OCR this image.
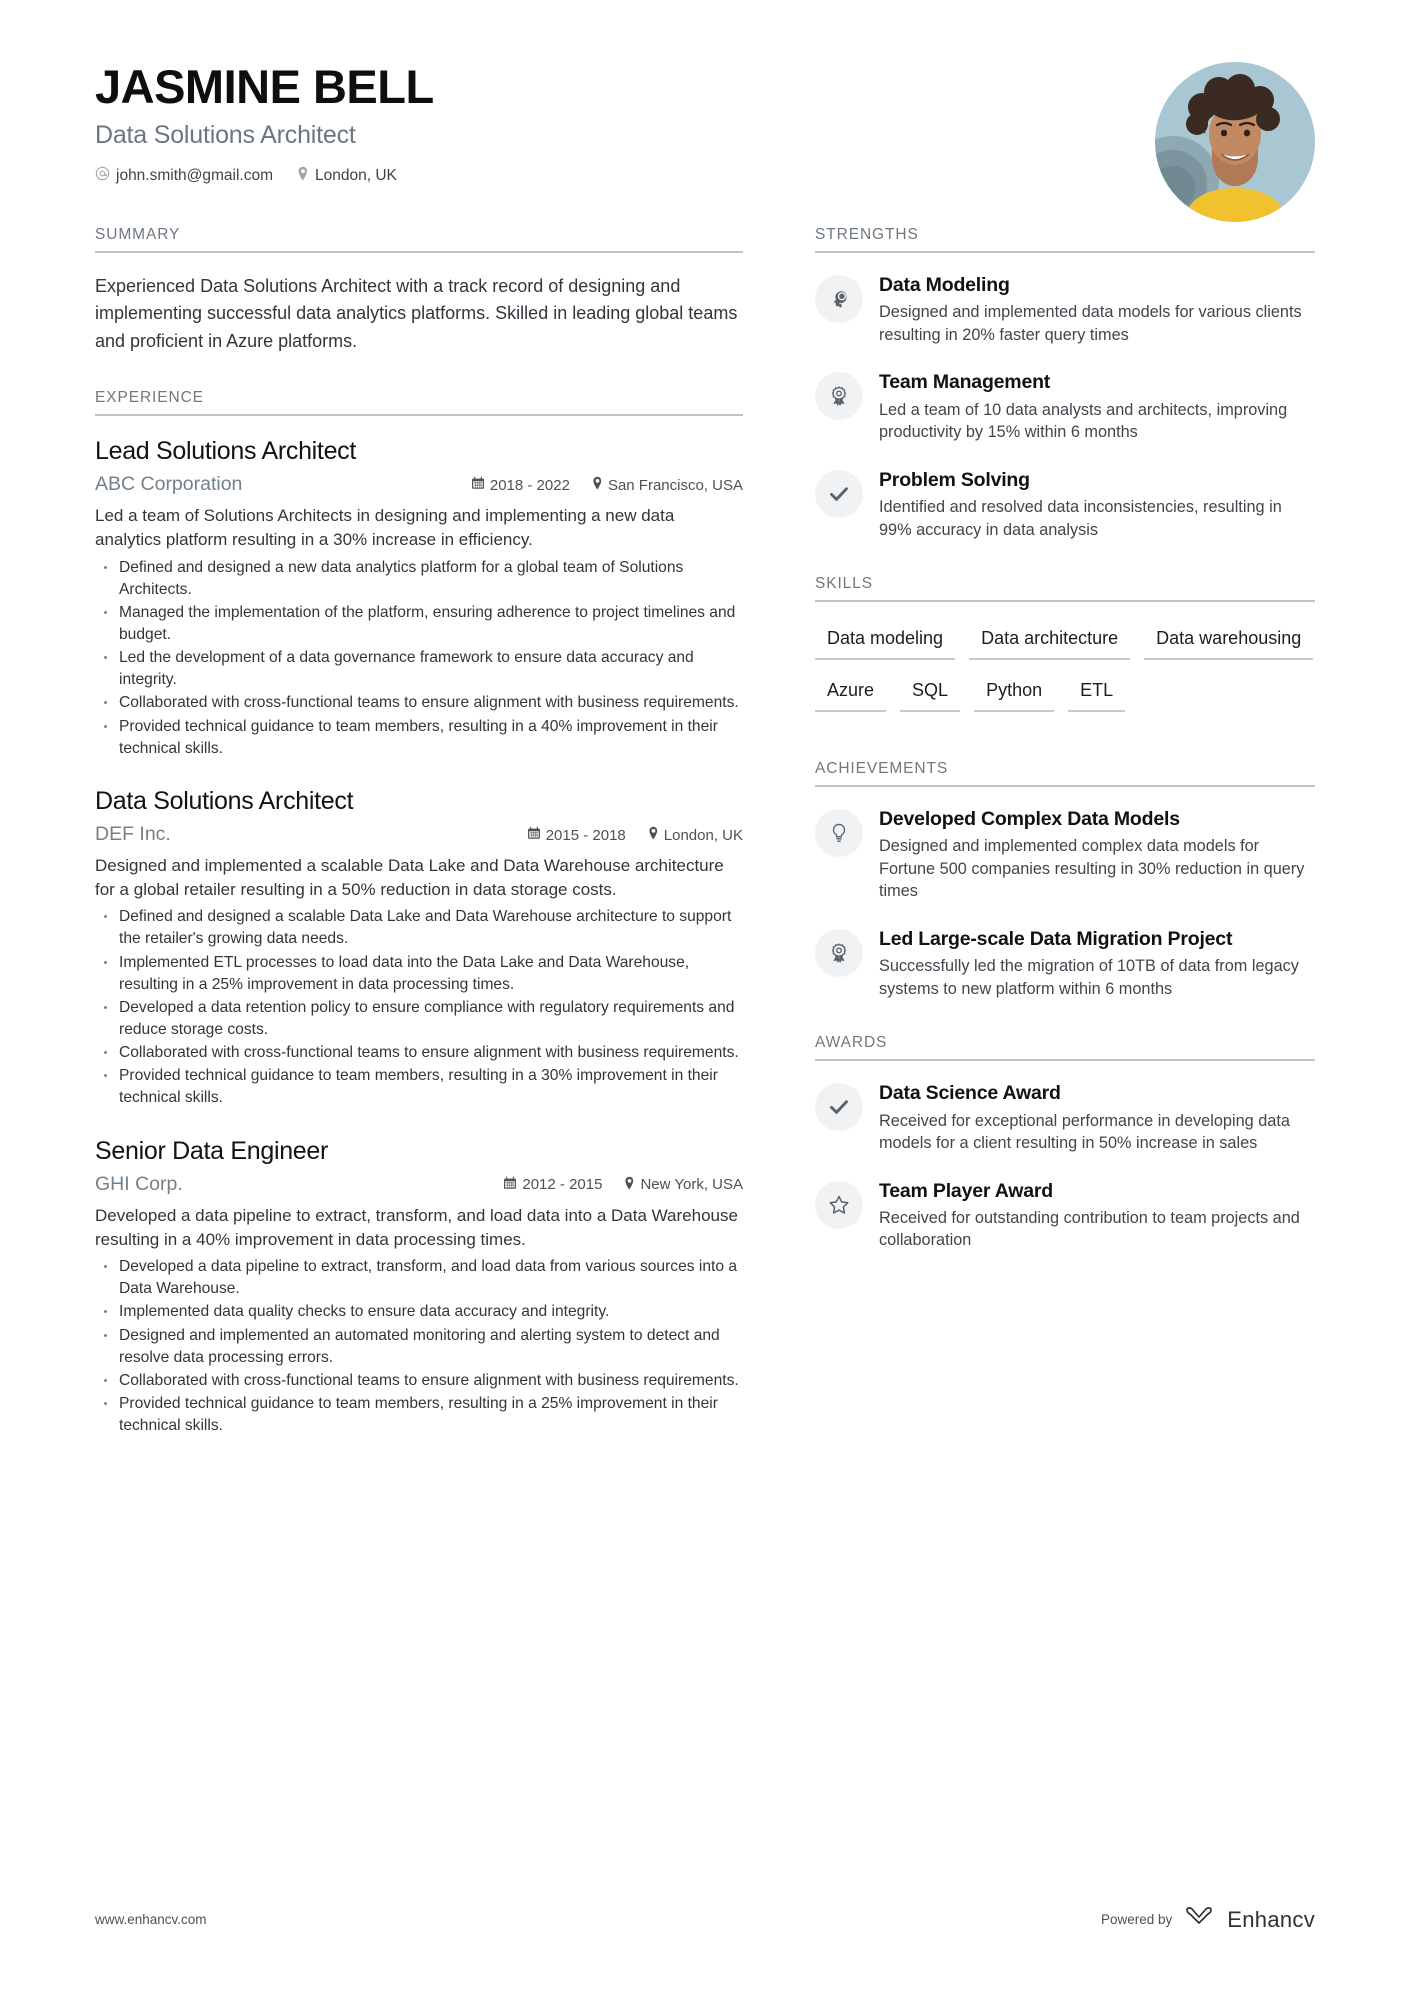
JASMINE BELL
Data Solutions Architect
john.smith@gmail.com	London, UK
SUMMARY
Experienced Data Solutions Architect with a track record of designing and implementing successful data analytics platforms. Skilled in leading global teams and proficient in Azure platforms.
EXPERIENCE
Lead Solutions Architect
ABC Corporation	2018 - 2022	San Francisco, USA
Led a team of Solutions Architects in designing and implementing a new data analytics platform resulting in a 30% increase in efficiency.
Defined and designed a new data analytics platform for a global team of Solutions Architects.
Managed the implementation of the platform, ensuring adherence to project timelines and budget.
Led the development of a data governance framework to ensure data accuracy and integrity.
Collaborated with cross-functional teams to ensure alignment with business requirements.
Provided technical guidance to team members, resulting in a 40% improvement in their technical skills.
Data Solutions Architect
DEF Inc.	2015 - 2018	London, UK
Designed and implemented a scalable Data Lake and Data Warehouse architecture for a global retailer resulting in a 50% reduction in data storage costs.
Defined and designed a scalable Data Lake and Data Warehouse architecture to support the retailer's growing data needs.
Implemented ETL processes to load data into the Data Lake and Data Warehouse, resulting in a 25% improvement in data processing times.
Developed a data retention policy to ensure compliance with regulatory requirements and reduce storage costs.
Collaborated with cross-functional teams to ensure alignment with business requirements.
Provided technical guidance to team members, resulting in a 30% improvement in their technical skills.
Senior Data Engineer
GHI Corp.	2012 - 2015	New York, USA
Developed a data pipeline to extract, transform, and load data into a Data Warehouse resulting in a 40% improvement in data processing times.
Developed a data pipeline to extract, transform, and load data from various sources into a Data Warehouse.
Implemented data quality checks to ensure data accuracy and integrity.
Designed and implemented an automated monitoring and alerting system to detect and resolve data processing errors.
Collaborated with cross-functional teams to ensure alignment with business requirements.
Provided technical guidance to team members, resulting in a 25% improvement in their technical skills.
STRENGTHS
Data Modeling
Designed and implemented data models for various clients resulting in 20% faster query times
Team Management
Led a team of 10 data analysts and architects, improving productivity by 15% within 6 months
Problem Solving
Identified and resolved data inconsistencies, resulting in 99% accuracy in data analysis
SKILLS
Data modeling	Data architecture	Data warehousing
Azure	SQL	Python	ETL
ACHIEVEMENTS
Developed Complex Data Models
Designed and implemented complex data models for Fortune 500 companies resulting in 30% reduction in query times
Led Large-scale Data Migration Project
Successfully led the migration of 10TB of data from legacy systems to new platform within 6 months
AWARDS
Data Science Award
Received for exceptional performance in developing data models for a client resulting in 50% increase in sales
Team Player Award
Received for outstanding contribution to team projects and collaboration
www.enhancv.com	Powered by	Enhancv
